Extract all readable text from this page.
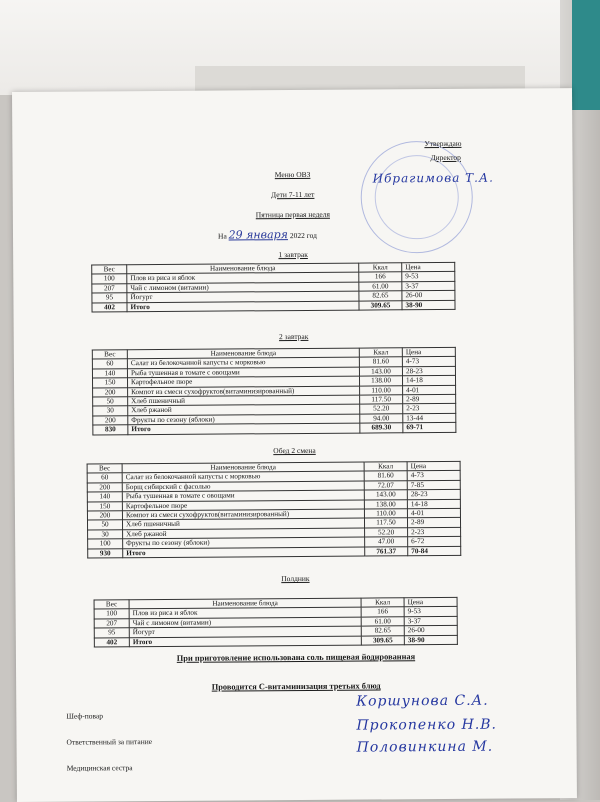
Утверждаю
Директор
Ибрагимова Т.А.
Меню ОВЗ
Дети 7-11 лет
Пятница первая неделя
На 29 января 2022 год
1 завтрак
Вес	Наименование блюда	Ккал	Цена
100	Плов из риса и яблок	166	9-53
207	Чай с лимоном (витамин)	61.00	3-37
95	Йогурт	82.65	26-00
402	Итого	309.65	38-90
2 завтрак
Вес	Наименование блюда	Ккал	Цена
60	Салат из белокочанной капусты с морковью	81.60	4-73
140	Рыба тушенная в томате с овощами	143.00	28-23
150	Картофельное пюре	138.00	14-18
200	Компот из смеси сухофруктов(витаминизированный)	110.00	4-01
50	Хлеб пшеничный	117.50	2-89
30	Хлеб ржаной	52.20	2-23
200	Фрукты по сезону (яблоки)	94.00	13-44
830	Итого	689.30	69-71
Обед 2 смена
Вес	Наименование блюда	Ккал	Цена
60	Салат из белокочанной капусты с морковью	81.60	4-73
200	Борщ сибирский с фасолью	72.07	7-85
140	Рыба тушенная в томате с овощами	143.00	28-23
150	Картофельное пюре	138.00	14-18
200	Компот из смеси сухофруктов(витаминизированный)	110.00	4-01
50	Хлеб пшеничный	117.50	2-89
30	Хлеб ржаной	52.20	2-23
100	Фрукты по сезону (яблоки)	47.00	6-72
930	Итого	761.37	70-84
Полдник
Вес	Наименование блюда	Ккал	Цена
100	Плов из риса и яблок	166	9-53
207	Чай с лимоном (витамин)	61.00	3-37
95	Йогурт	82.65	26-00
402	Итого	309.65	38-90
При приготовление использована соль пищевая йодированная
Проводится С-витаминизация третьих блюд
Шеф-повар
Коршунова С.А.
Ответственный за питание
Прокопенко Н.В.
Медицинская сестра
Половинкина М.
